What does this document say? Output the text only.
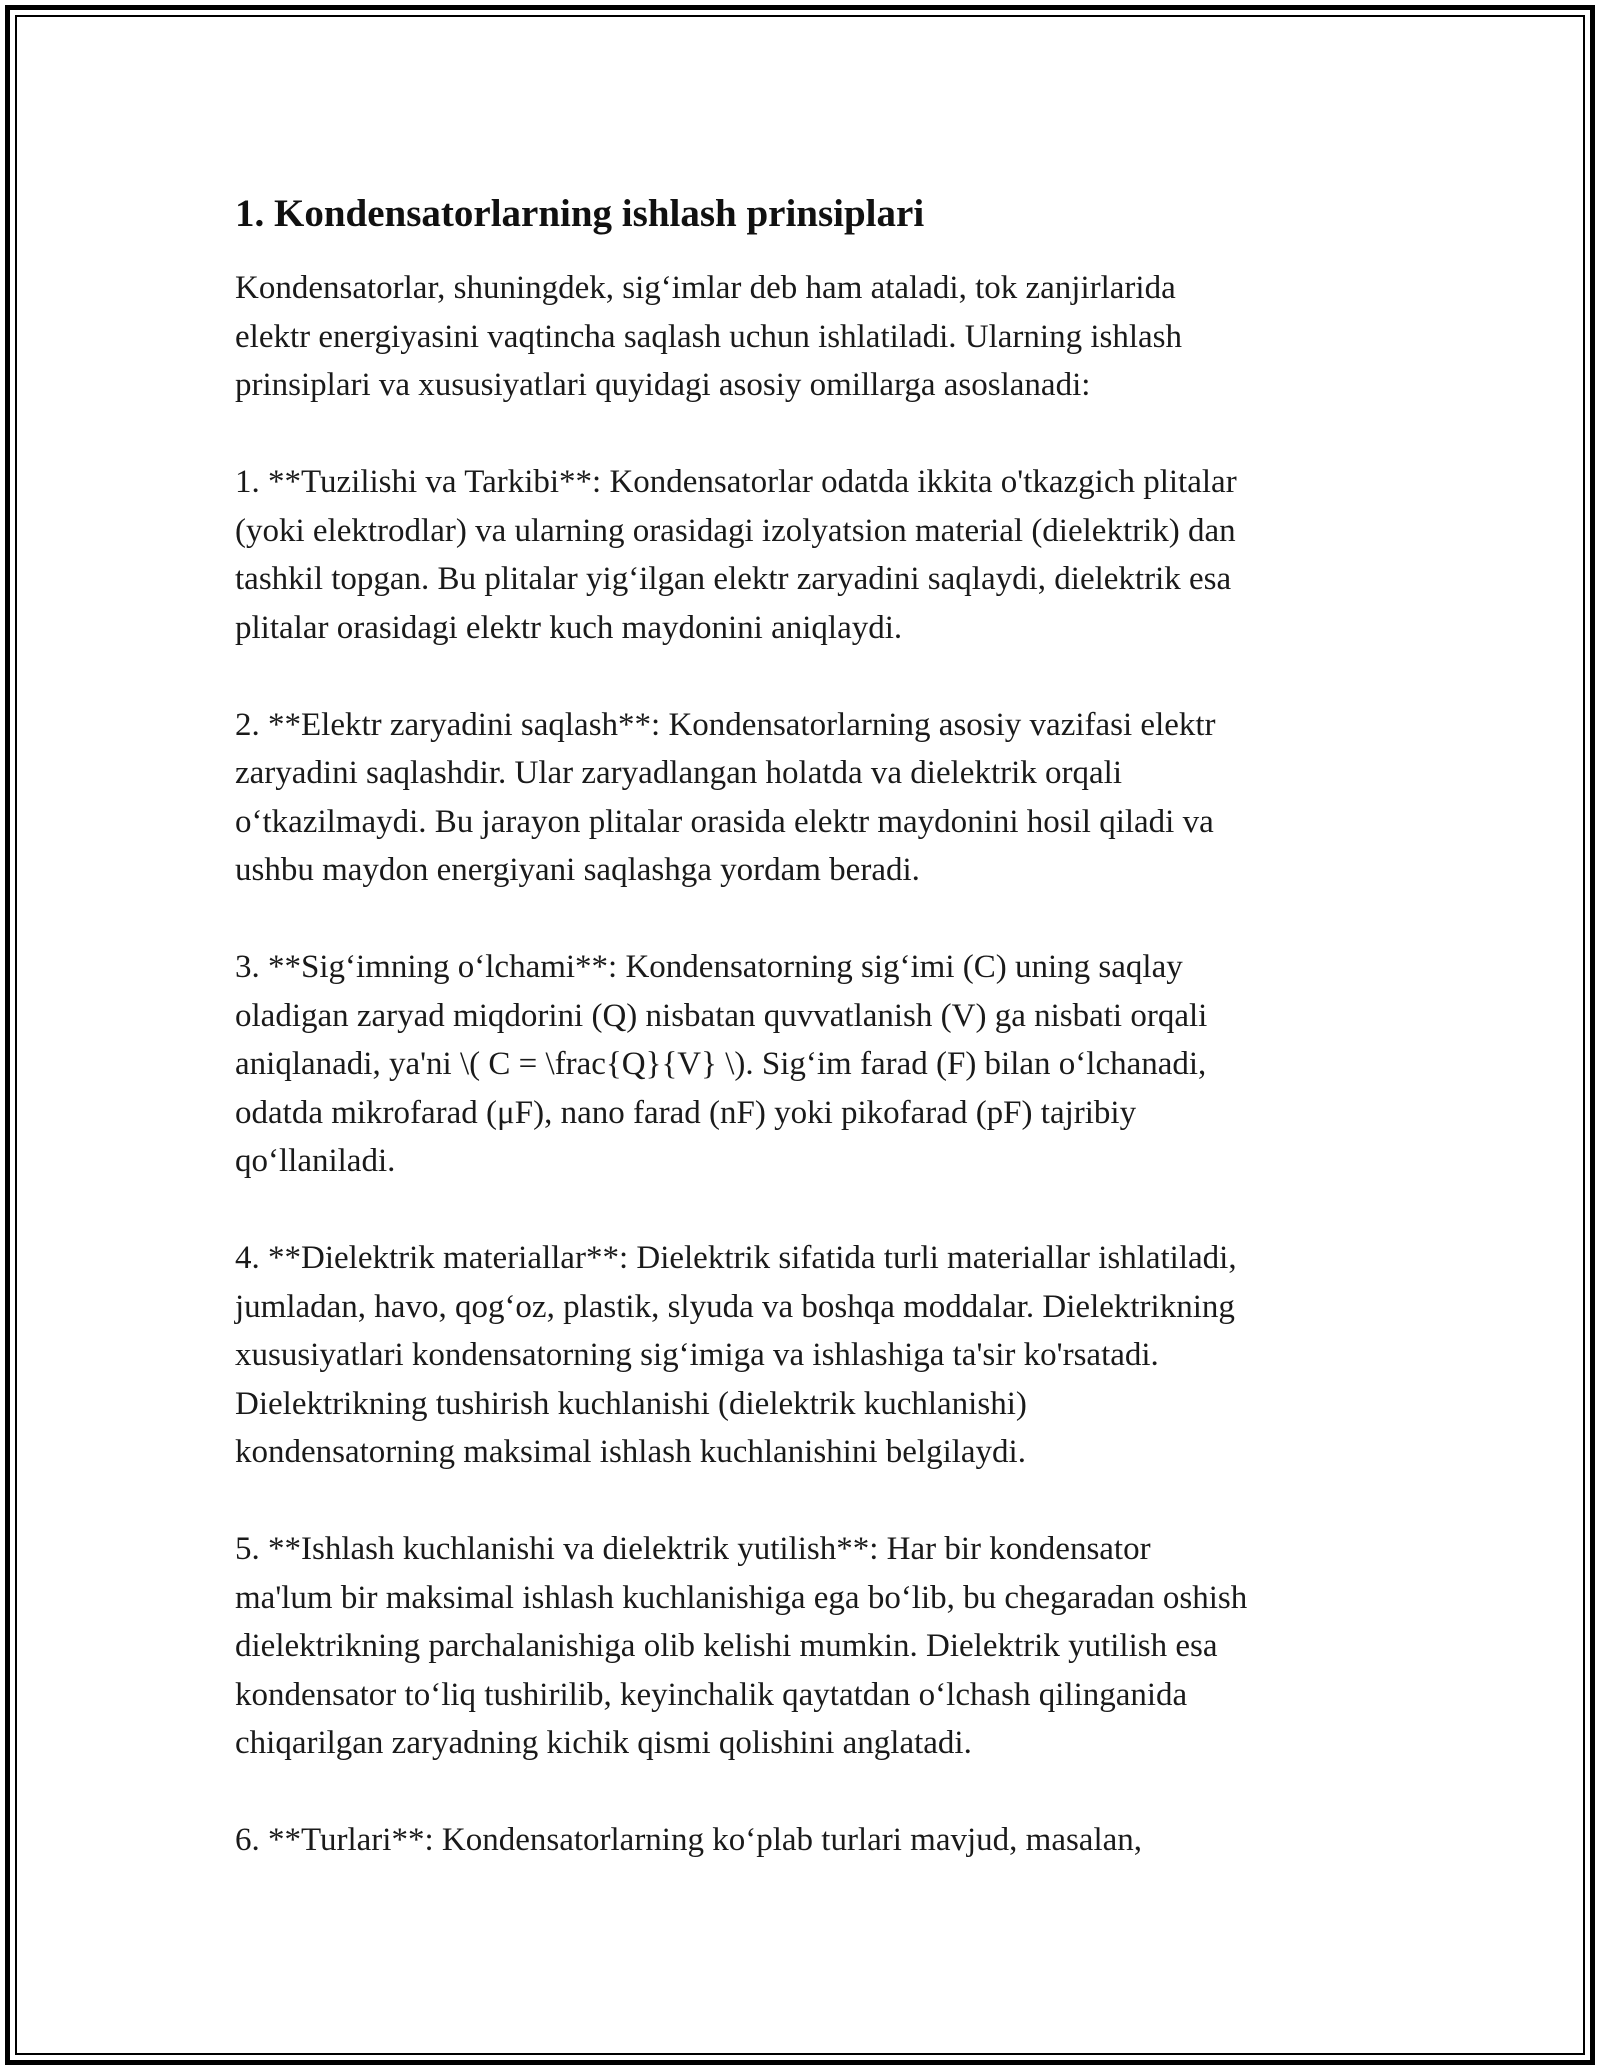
1. Kondensatorlarning ishlash prinsiplari

Kondensatorlar, shuningdek, sig‘imlar deb ham ataladi, tok zanjirlarida
elektr energiyasini vaqtincha saqlash uchun ishlatiladi. Ularning ishlash
prinsiplari va xususiyatlari quyidagi asosiy omillarga asoslanadi:

1. **Tuzilishi va Tarkibi**: Kondensatorlar odatda ikkita o'tkazgich plitalar
(yoki elektrodlar) va ularning orasidagi izolyatsion material (dielektrik) dan
tashkil topgan. Bu plitalar yig‘ilgan elektr zaryadini saqlaydi, dielektrik esa
plitalar orasidagi elektr kuch maydonini aniqlaydi.

2. **Elektr zaryadini saqlash**: Kondensatorlarning asosiy vazifasi elektr
zaryadini saqlashdir. Ular zaryadlangan holatda va dielektrik orqali
o‘tkazilmaydi. Bu jarayon plitalar orasida elektr maydonini hosil qiladi va
ushbu maydon energiyani saqlashga yordam beradi.

3. **Sig‘imning o‘lchami**: Kondensatorning sig‘imi (C) uning saqlay
oladigan zaryad miqdorini (Q) nisbatan quvvatlanish (V) ga nisbati orqali
aniqlanadi, ya'ni \( C = \frac{Q}{V} \). Sig‘im farad (F) bilan o‘lchanadi,
odatda mikrofarad (μF), nano farad (nF) yoki pikofarad (pF) tajribiy
qo‘llaniladi.

4. **Dielektrik materiallar**: Dielektrik sifatida turli materiallar ishlatiladi,
jumladan, havo, qog‘oz, plastik, slyuda va boshqa moddalar. Dielektrikning
xususiyatlari kondensatorning sig‘imiga va ishlashiga ta'sir ko'rsatadi.
Dielektrikning tushirish kuchlanishi (dielektrik kuchlanishi)
kondensatorning maksimal ishlash kuchlanishini belgilaydi.

5. **Ishlash kuchlanishi va dielektrik yutilish**: Har bir kondensator
ma'lum bir maksimal ishlash kuchlanishiga ega bo‘lib, bu chegaradan oshish
dielektrikning parchalanishiga olib kelishi mumkin. Dielektrik yutilish esa
kondensator to‘liq tushirilib, keyinchalik qaytatdan o‘lchash qilinganida
chiqarilgan zaryadning kichik qismi qolishini anglatadi.

6. **Turlari**: Kondensatorlarning ko‘plab turlari mavjud, masalan,
